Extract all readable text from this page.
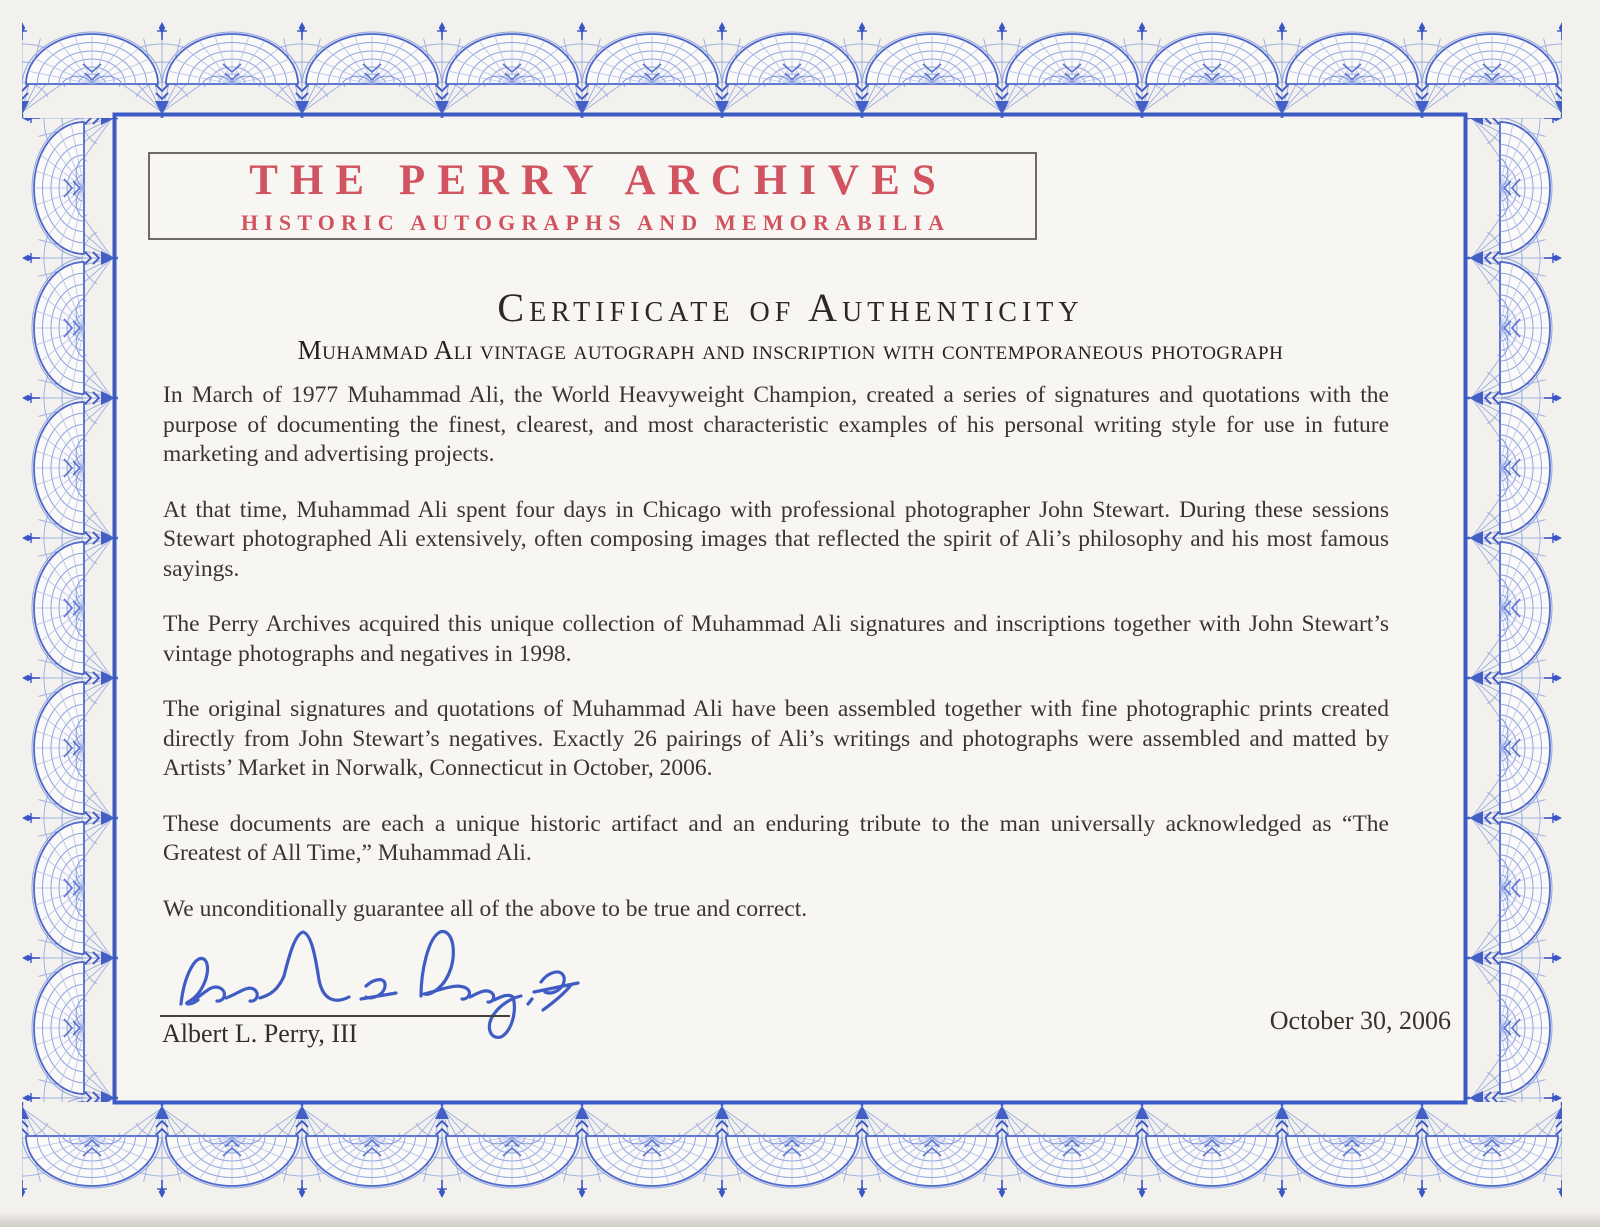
THE PERRY ARCHIVES
HISTORIC AUTOGRAPHS AND MEMORABILIA
Certificate of Authenticity
Muhammad Ali vintage autograph and inscription with contemporaneous photograph

In March of 1977 Muhammad Ali, the World Heavyweight Champion, created a series of signatures and quotations with the purpose of documenting the finest, clearest, and most characteristic examples of his personal writing style for use in future marketing and advertising projects.

At that time, Muhammad Ali spent four days in Chicago with professional photographer John Stewart. During these sessions Stewart photographed Ali extensively, often composing images that reflected the spirit of Ali’s philosophy and his most famous sayings.

The Perry Archives acquired this unique collection of Muhammad Ali signatures and inscriptions together with John Stewart’s vintage photographs and negatives in 1998.

The original signatures and quotations of Muhammad Ali have been assembled together with fine photographic prints created directly from John Stewart’s negatives. Exactly 26 pairings of Ali’s writings and photographs were assembled and matted by Artists’ Market in Norwalk, Connecticut in October, 2006.

These documents are each a unique historic artifact and an enduring tribute to the man universally acknowledged as “The Greatest of All Time,” Muhammad Ali.

We unconditionally guarantee all of the above to be true and correct.

Albert L. Perry, III	October 30, 2006
